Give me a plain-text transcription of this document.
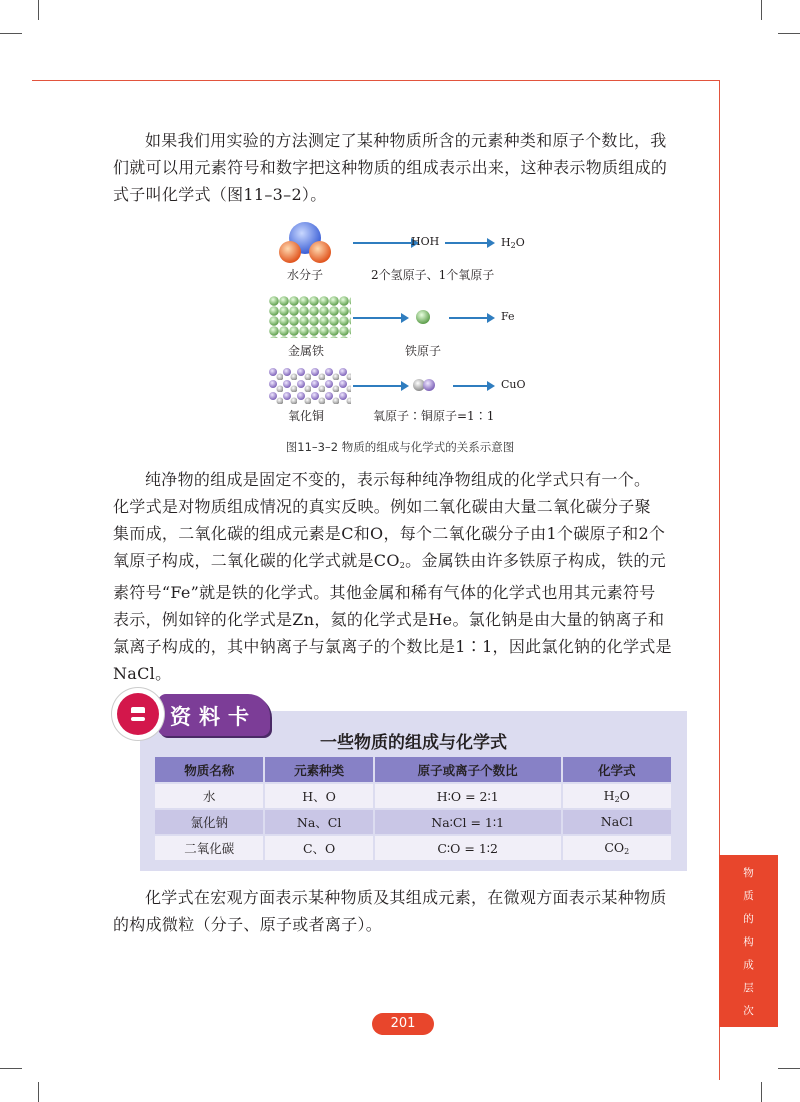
如果我们用实验的方法测定了某种物质所含的元素种类和原子个数比，我
们就可以用元素符号和数字把这种物质的组成表示出来，这种表示物质组成的
式子叫化学式（图11–3–2）。

HOH	$H_2O$
水分子	2个氢原子、1个氧原子
Fe
金属铁	铁原子
CuO
氧化铜	氧原子∶铜原子=1∶1
图11–3–2 物质的组成与化学式的关系示意图

纯净物的组成是固定不变的，表示每种纯净物组成的化学式只有一个。
化学式是对物质组成情况的真实反映。例如二氧化碳由大量二氧化碳分子聚
集而成，二氧化碳的组成元素是C和O，每个二氧化碳分子由1个碳原子和2个
氧原子构成，二氧化碳的化学式就是$CO_2$。金属铁由许多铁原子构成，铁的元
素符号“Fe”就是铁的化学式。其他金属和稀有气体的化学式也用其元素符号
表示，例如锌的化学式是Zn，氦的化学式是He。氯化钠是由大量的钠离子和
氯离子构成的，其中钠离子与氯离子的个数比是1∶1，因此氯化钠的化学式是
NaCl。

资料卡
一些物质的组成与化学式
物质名称	元素种类	原子或离子个数比	化学式
水	H、O	H∶O = 2∶1	$H_2O$
氯化钠	Na、Cl	Na∶Cl = 1∶1	NaCl
二氧化碳	C、O	C∶O = 1∶2	$CO_2$

化学式在宏观方面表示某种物质及其组成元素，在微观方面表示某种物质
的构成微粒（分子、原子或者离子）。

物
质
的
构
成
层
次
201
